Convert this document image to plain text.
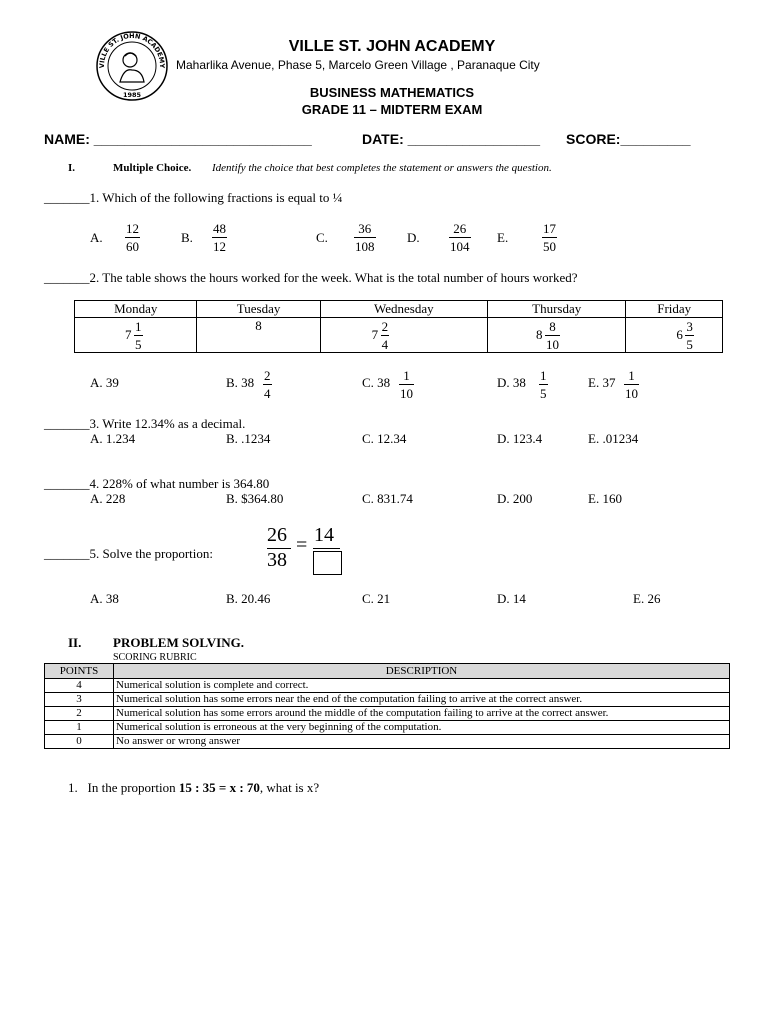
VILLE ST. JOHN ACADEMY
1985
VILLE ST. JOHN ACADEMY
Maharlika Avenue, Phase 5, Marcelo Green Village , Paranaque City
BUSINESS MATHEMATICS
GRADE 11 – MIDTERM EXAM
NAME: ____________________________	DATE: _________________ SCORE:_________
I.	Multiple Choice. Identify the choice that best completes the statement or answers the question.
_______1. Which of the following fractions is equal to ¼
A. $\frac{12}{60}$	B. $\frac{48}{12}$	C. $\frac{36}{108} D$. $\frac{26}{104} E$.	$\frac{17}{50}$
_______2. The table shows the hours worked for the week. What is the total number of hours worked?
Monday	Tuesday	Wednesday	Thursday	Friday

$7 \frac{1}{5}$	8	$7 \frac{2}{4}$	$8 \frac{8}{10}$	$6 \frac{3}{5}$
A. 39	B. $38 \frac{2}{4}$	C. $38 \frac{1}{10}$	D. $38 \frac{1}{5}$	E. $37 \frac{1}{10}$
_______3. Write 12.34% as a decimal.
A. 1.234	B. .1234	C. 12.34	D. 123.4	E. .01234
_______4. 228% of what number is 364.80
A. 228	B. $364.80	C. 831.74	D. 200	E. 160
_______5. Solve the proportion:
26
38
= 14
A. 38	B. 20.46	C. 21	D. 14	E. 26
II. PROBLEM SOLVING.
SCORING RUBRIC
POINTS	DESCRIPTION
4	Numerical solution is complete and correct.
3	Numerical solution has some errors near the end of the computation failing to arrive at the correct answer.
2	Numerical solution has some errors around the middle of the computation failing to arrive at the correct answer.
1	Numerical solution is erroneous at the very beginning of the computation.
0	No answer or wrong answer
1. In the proportion 15 : 35 = x : 70, what is x?
